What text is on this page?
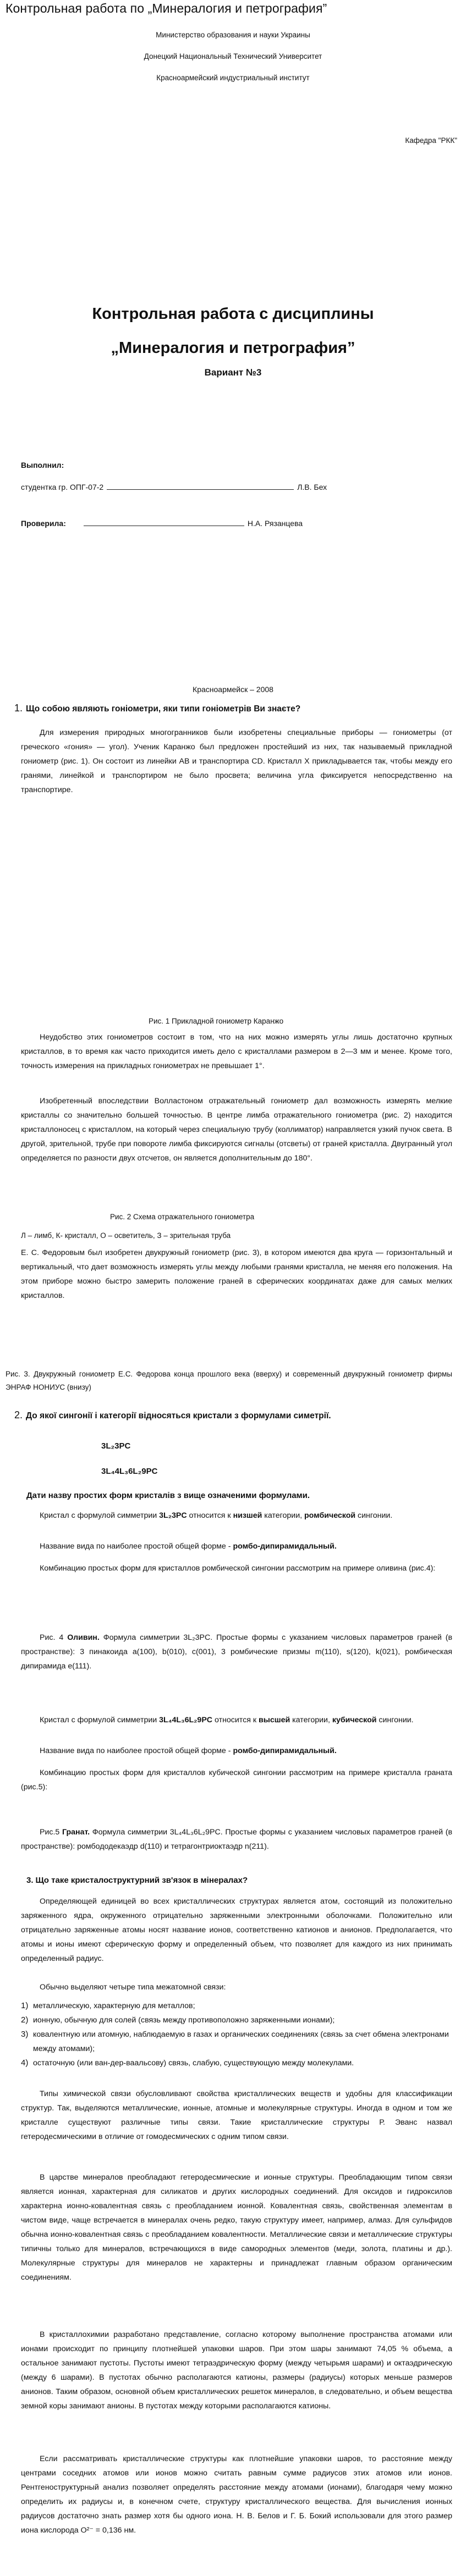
Контрольная работа по „Минералогия и петрография”
Министерство образования и науки Украины
Донецкий Национальный Технический Университет
Красноармейский индустриальный институт
Кафедра "РКК"
Контрольная работа с дисциплины
„Минералогия и петрография”
Вариант №3
Выполнил:
студентка гр. ОПГ-07-2	Л.В. Бех
Проверила:	Н.А. Рязанцева
Красноармейск – 2008
1. Що собою являють гоніометри, яки типи гоніометрів Ви знаєте?

Для измерения природных многогранников были изобретены специальные приборы — гониометры (от греческого «гония» — угол). Ученик Каранжо был предложен простейший из них, так называемый прикладной гониометр (рис. 1). Он состоит из линейки AB и транспортира CD. Кристалл X прикладывается так, чтобы между его гранями, линейкой и транспортиром не было просвета; величина угла фиксируется непосредственно на транспортире.

Рис. 1 Прикладной гониометр Каранжо

Неудобство этих гониометров состоит в том, что на них можно измерять углы лишь достаточно крупных кристаллов, в то время как часто приходится иметь дело с кристаллами размером в 2—3 мм и менее. Кроме того, точность измерения на прикладных гониометрах не превышает 1°.

Изобретенный впоследствии Волластоном отражательный гониометр дал возможность измерять мелкие кристаллы со значительно большей точностью. В центре лимба отражательного гониометра (рис. 2) находится кристаллоносец с кристаллом, на который через специальную трубу (коллиматор) направляется узкий пучок света. В другой, зрительной, трубе при повороте лимба фиксируются сигналы (отсветы) от граней кристалла. Двугранный угол определяется по разности двух отсчетов, он является дополнительным до 180°.

Рис. 2 Схема отражательного гониометра
Л – лимб, К- кристалл, О – осветитель, З – зрительная труба

Е. С. Федоровым был изобретен двукружный гониометр (рис. 3), в котором имеются два круга — горизонтальный и вертикальный, что дает возможность измерять углы между любыми гранями кристалла, не меняя его положения. На этом приборе можно быстро замерить положение граней в сферических координатах даже для самых мелких кристаллов.

Рис. 3. Двукружный гониометр Е.С. Федорова конца прошлого века (вверху) и современный двукружный гониометр фирмы ЭНРАФ НОНИУС (внизу)

2. До якої сингонії і категорії відносяться кристали з формулами симетрії.
3L₂3PC
3L₄4L₃6L₂9PC
Дати назву простих форм кристалів з вище означеними формулами.

Кристал с формулой симметрии 3L₂3PC относится к низшей категории, ромбической сингонии.

Название вида по наиболее простой общей форме - ромбо-дипирамидальный.

Комбинацию простых форм для кристаллов ромбической сингонии рассмотрим на примере оливина (рис.4):

Рис. 4 Оливин. Формула симметрии 3L₂3PC. Простые формы с указанием числовых параметров граней (в пространстве): 3 пинакоида a(100), b(010), c(001), 3 ромбические призмы m(110), s(120), k(021), ромбическая дипирамида e(111).

Кристал с формулой симметрии 3L₄4L₃6L₂9PC относится к высшей категории, кубической сингонии.

Название вида по наиболее простой общей форме - ромбо-дипирамидальный.

Комбинацию простых форм для кристаллов кубической сингонии рассмотрим на примере кристалла граната (рис.5):

Рис.5 Гранат. Формула симметрии 3L₄4L₃6L₂9PC. Простые формы с указанием числовых параметров граней (в пространстве): ромбододекаэдр d(110) и тетрагонтриоктаэдр n(211).

3. Що таке кристалоструктурний зв'язок в мінералах?

Определяющей единицей во всех кристаллических структурах является атом, состоящий из положительно заряженного ядра, окруженного отрицательно заряженными электронными оболочками. Положительно или отрицательно заряженные атомы носят название ионов, соответственно катионов и анионов. Предполагается, что атомы и ионы имеют сферическую форму и определенный объем, что позволяет для каждого из них принимать определенный радиус.

Обычно выделяют четыре типа межатомной связи:

1) металлическую, характерную для металлов;
2) ионную, обычную для солей (связь между противоположно заряженными ионами);
3) ковалентную или атомную, наблюдаемую в газах и органических соединениях (связь за счет обмена электронами между атомами);
4) остаточную (или ван-дер-ваальсову) связь, слабую, существующую между молекулами.

Типы химической связи обусловливают свойства кристаллических веществ и удобны для классификации структур. Так, выделяются металлические, ионные, атомные и молекулярные структуры. Иногда в одном и том же кристалле существуют различные типы связи. Такие кристаллические структуры Р. Эванс назвал гетеродесмическими в отличие от гомодесмических с одним типом связи.

В царстве минералов преобладают гетеродесмические и ионные структуры. Преобладающим типом связи является ионная, характерная для силикатов и других кислородных соединений. Для оксидов и гидроксилов характерна ионно-ковалентная связь с преобладанием ионной. Ковалентная связь, свойственная элементам в чистом виде, чаще встречается в минералах очень редко, такую структуру имеет, например, алмаз. Для сульфидов обычна ионно-ковалентная связь с преобладанием ковалентности. Металлические связи и металлические структуры типичны только для минералов, встречающихся в виде самородных элементов (меди, золота, платины и др.). Молекулярные структуры для минералов не характерны и принадлежат главным образом органическим соединениям.

В кристаллохимии разработано представление, согласно которому выполнение пространства атомами или ионами происходит по принципу плотнейшей упаковки шаров. При этом шары занимают 74,05 % объема, а остальное занимают пустоты. Пустоты имеют тетраэдрическую форму (между четырьмя шарами) и октаэдрическую (между 6 шарами). В пустотах обычно располагаются катионы, размеры (радиусы) которых меньше размеров анионов. Таким образом, основной объем кристаллических решеток минералов, в следовательно, и объем вещества земной коры занимают анионы. В пустотах между которыми располагаются катионы.

Если рассматривать кристаллические структуры как плотнейшие упаковки шаров, то расстояние между центрами соседних атомов или ионов можно считать равным сумме радиусов этих атомов или ионов. Рентгеноструктурный анализ позволяет определять расстояние между атомами (ионами), благодаря чему можно определить их радиусы и, в конечном счете, структуру кристаллического вещества. Для вычисления ионных радиусов достаточно знать размер хотя бы одного иона. Н. В. Белов и Г. Б. Бокий использовали для этого размер иона кислорода O²⁻ = 0,136 нм.
